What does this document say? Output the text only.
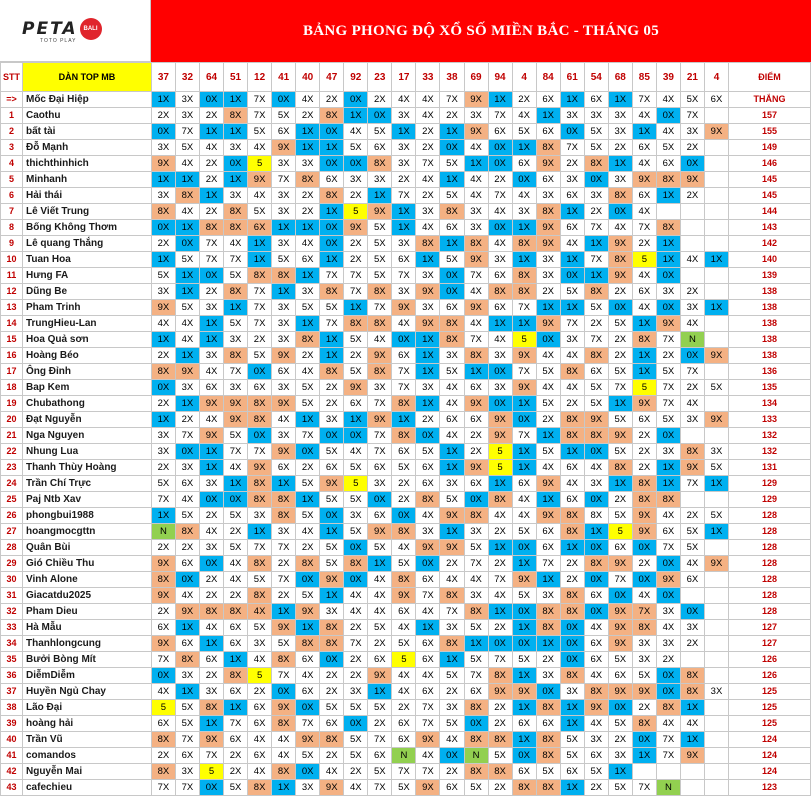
PETA	BALI
TOTO PLAY
BẢNG PHONG ĐỘ XỔ SỐ MIỀN BẮC - THÁNG 05
STT	DÀN TOP MB	37	32	64	51	12	41	40	47	92	23	17	33	38	69	94	4	84	61	54	68	85	39	21	4	ĐIỂM
=>	Mốc Đại Hiệp	1X	3X	0X	1X	7X	0X	4X	2X	0X	2X	4X	4X	7X	9X	1X	2X	6X	1X	6X	1X	7X	4X	5X	6X	THẮNG
1	Caothu	2X	3X	2X	8X	7X	5X	2X	8X	1X	0X	3X	4X	2X	3X	7X	4X	1X	3X	3X	3X	4X	0X	7X		157
2	bất tài	0X	7X	1X	1X	5X	6X	1X	0X	4X	5X	1X	2X	1X	9X	6X	5X	6X	0X	5X	3X	1X	4X	3X	9X	155
3	Đỗ Mạnh	3X	5X	4X	3X	4X	9X	1X	1X	5X	6X	3X	2X	0X	4X	0X	1X	8X	7X	5X	2X	6X	5X	2X		149
4	thichthinhich	9X	4X	2X	0X	5	3X	3X	0X	0X	8X	3X	7X	5X	1X	0X	6X	9X	2X	8X	1X	4X	6X	0X		146
5	Minhanh	1X	1X	2X	1X	9X	7X	8X	6X	3X	3X	2X	4X	1X	4X	2X	0X	6X	3X	0X	3X	9X	8X	9X		145
6	Hải thái	3X	8X	1X	3X	4X	3X	2X	8X	2X	1X	7X	2X	5X	4X	7X	4X	3X	6X	3X	8X	6X	1X	2X		145
7	Lê Viết Trung	8X	4X	2X	8X	5X	3X	2X	1X	5	9X	1X	3X	8X	3X	4X	3X	8X	1X	2X	0X	4X				144
8	Bống Không Thơm	0X	1X	8X	8X	6X	1X	1X	0X	9X	5X	1X	4X	6X	3X	0X	1X	9X	6X	7X	4X	7X	8X			143
9	Lê quang Thắng	2X	0X	7X	4X	1X	3X	4X	0X	2X	5X	3X	8X	1X	8X	4X	8X	9X	4X	1X	9X	2X	1X			142
10	Tuan Hoa	1X	5X	7X	7X	1X	5X	6X	1X	2X	5X	6X	1X	5X	9X	3X	1X	3X	1X	7X	8X	5	1X	4X	1X	140
11	Hưng FA	5X	1X	0X	5X	8X	8X	1X	7X	7X	5X	7X	3X	0X	7X	6X	8X	3X	0X	1X	9X	4X	0X			139
12	Dũng Be	3X	1X	2X	8X	7X	1X	3X	8X	7X	8X	3X	9X	0X	4X	8X	8X	2X	5X	8X	2X	6X	3X	2X		138
13	Pham Trinh	9X	5X	3X	1X	7X	3X	5X	5X	1X	7X	9X	3X	6X	9X	6X	7X	1X	1X	5X	0X	4X	0X	3X	1X	138
14	TrungHieu-Lan	4X	4X	1X	5X	7X	3X	1X	7X	8X	8X	4X	9X	8X	4X	1X	1X	9X	7X	2X	5X	1X	9X	4X		138
15	Hoa Quả sơn	1X	4X	1X	3X	2X	3X	8X	1X	5X	4X	0X	1X	8X	7X	4X	5	0X	3X	7X	2X	8X	7X	N		138
16	Hoàng Béo	2X	1X	3X	8X	5X	9X	2X	1X	2X	9X	6X	1X	3X	8X	3X	9X	4X	4X	8X	2X	1X	2X	0X	9X	138
17	Ông Đỉnh	8X	9X	4X	7X	0X	6X	4X	8X	5X	8X	7X	1X	5X	1X	0X	7X	5X	8X	6X	5X	1X	5X	7X		136
18	Bap Kem	0X	3X	6X	3X	6X	3X	5X	2X	9X	3X	7X	3X	4X	6X	3X	9X	4X	4X	5X	7X	5	7X	2X	5X	135
19	Chubathong	2X	1X	9X	9X	8X	9X	5X	2X	6X	7X	8X	1X	4X	9X	0X	1X	5X	2X	5X	1X	9X	7X	4X		134
20	Đạt Nguyễn	1X	2X	4X	9X	8X	4X	1X	3X	1X	9X	1X	2X	6X	6X	9X	0X	2X	8X	9X	5X	6X	5X	3X	9X	133
21	Nga Nguyen	3X	7X	9X	5X	0X	3X	7X	0X	0X	7X	8X	0X	4X	2X	9X	7X	1X	8X	8X	9X	2X	0X			132
22	Nhung Lua	3X	0X	1X	7X	7X	9X	0X	5X	4X	7X	6X	5X	1X	2X	5	1X	5X	1X	0X	5X	2X	3X	8X	3X	132
23	Thanh Thùy Hoàng	2X	3X	1X	4X	9X	6X	2X	6X	5X	6X	5X	6X	1X	9X	5	1X	4X	6X	4X	8X	2X	1X	9X	5X	131
24	Trần Chí Trực	5X	6X	3X	1X	8X	1X	5X	9X	5	3X	2X	6X	3X	6X	1X	6X	9X	4X	3X	1X	8X	1X	7X	1X	129
25	Paj Ntb Xav	7X	4X	0X	0X	8X	8X	1X	5X	5X	0X	2X	8X	5X	0X	8X	4X	1X	6X	0X	2X	8X	8X			129
26	phongbui1988	1X	5X	2X	5X	3X	8X	5X	0X	3X	6X	0X	4X	9X	8X	4X	4X	9X	8X	8X	5X	9X	4X	2X	5X	128
27	hoangmocgttn	N	8X	4X	2X	1X	3X	4X	1X	5X	9X	8X	3X	1X	3X	2X	5X	6X	8X	1X	5	9X	6X	5X	1X	128
28	Quân Bùi	2X	2X	3X	5X	7X	7X	2X	5X	0X	5X	4X	9X	9X	5X	1X	0X	6X	1X	0X	6X	0X	7X	5X		128
29	Gió Chiều Thu	9X	6X	0X	4X	8X	2X	8X	5X	8X	1X	5X	0X	2X	7X	2X	1X	7X	2X	8X	9X	2X	0X	4X	9X	128
30	Vinh Alone	8X	0X	2X	4X	5X	7X	0X	9X	0X	4X	8X	6X	4X	4X	7X	9X	1X	2X	0X	7X	0X	9X	6X		128
31	Giacatdu2025	9X	4X	2X	2X	8X	2X	5X	1X	4X	4X	9X	7X	8X	3X	4X	5X	3X	8X	6X	0X	4X	0X			128
32	Pham Dieu	2X	9X	8X	8X	4X	1X	9X	3X	4X	4X	6X	4X	7X	8X	1X	0X	8X	8X	0X	9X	7X	3X	0X		128
33	Hà Mẫu	6X	1X	4X	6X	5X	9X	1X	8X	2X	5X	4X	1X	3X	5X	2X	1X	8X	0X	4X	9X	8X	4X	3X		127
34	Thanhlongcung	9X	6X	1X	6X	3X	5X	8X	8X	7X	2X	5X	6X	8X	1X	0X	0X	1X	0X	6X	9X	3X	3X	2X		127
35	Bưởi Bòng Mít	7X	8X	6X	1X	4X	8X	6X	0X	2X	6X	5	6X	1X	5X	7X	5X	2X	0X	6X	5X	3X	2X			126
36	DiễmDiễm	0X	3X	2X	8X	5	7X	4X	2X	2X	9X	4X	4X	5X	7X	8X	1X	3X	8X	4X	6X	5X	0X	8X		126
37	Huyền Ngủ Chay	4X	1X	3X	6X	2X	0X	6X	2X	3X	1X	4X	6X	2X	6X	9X	9X	0X	3X	8X	9X	9X	0X	8X	3X	125
38	Lão Đại	5	5X	8X	1X	6X	9X	0X	5X	5X	5X	2X	7X	3X	8X	2X	1X	8X	1X	9X	0X	2X	8X	1X		125
39	hoàng hải	6X	5X	1X	7X	6X	8X	7X	6X	0X	2X	6X	7X	5X	0X	2X	6X	6X	1X	4X	5X	8X	4X	4X		125
40	Trần Vũ	8X	7X	9X	6X	4X	4X	9X	8X	5X	7X	6X	9X	4X	8X	8X	1X	8X	5X	3X	2X	0X	7X	1X		124
41	comandos	2X	6X	7X	2X	6X	4X	5X	2X	5X	6X	N	4X	0X	N	5X	0X	8X	5X	6X	3X	1X	7X	9X		124
42	Nguyễn Mai	8X	3X	5	2X	4X	8X	0X	4X	2X	5X	7X	7X	2X	8X	8X	6X	5X	6X	5X	1X					124
43	cafechieu	7X	7X	0X	5X	8X	1X	3X	9X	4X	7X	5X	9X	6X	5X	2X	8X	8X	1X	2X	5X	7X	N			123
